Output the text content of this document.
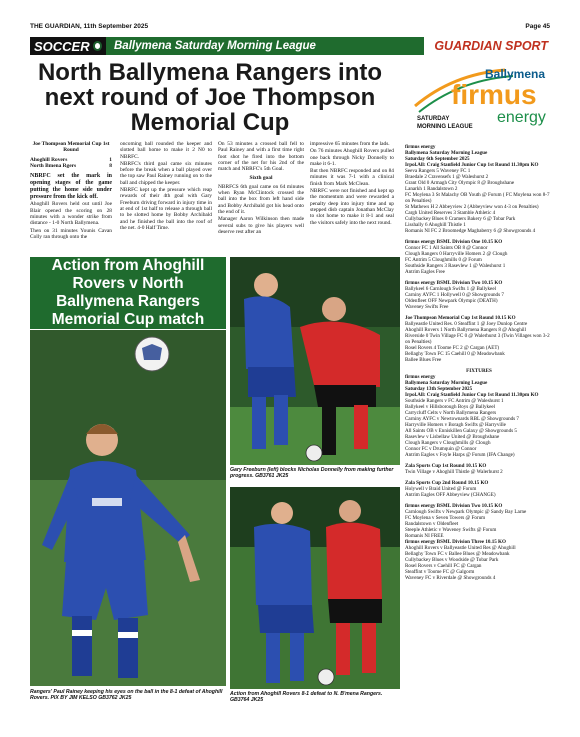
THE GUARDIAN, 11th September 2025	Page 45
SOCCER	Ballymena Saturday Morning League	GUARDIAN SPORT
North Ballymena Rangers into next round of Joe Thompson Memorial Cup

Joe Thompson Memorial Cup 1st Round

Ahoghill Rovers	1
North Bmena Rgers	8

NBRFC set the mark in opening stages of the game putting the home side under pressure from the kick off.

Ahoghill Rovers held out until Joe Blair opened the scoring on 28 minutes with a wonder strike from distance - 1-0 North Ballymena.

Then on 31 minutes Younis Cavan Colly ran through onto the

oncoming ball rounded the keeper and slotted ball home to make it 2 N0 to NBRFC.

NBRFC's third goal came six minutes before the break when a ball played over the top saw Paul Rainey running on to the ball and chipped the keeper.

NBRFC kept up the pressure which reap rewards of their 4th goal with Gary Freeburn driving forward in injury time in at end of 1st half to release a through ball to be slotted home by Bobby Archibald and he finished the ball into the roof of the net. 4-0 Half Time.

On 53 minutes a crossed ball fell to Paul Rainey and with a first time right foot shot he fired into the bottom corner of the net for his 2nd of the match and NBRFC's 5th Goal.

Sixth goal

NBRFCS 6th goal came on 64 minutes when Ryan McClintock crossed the ball into the box from left hand side and Bobby Archibald got his head onto the end of it.

Manager Aaron Wilkinson then made several subs to give his players well deserve rest after an

impressive 65 minutes from the lads.

On 76 minutes Ahoghill Rovers pulled one back through Nicky Donnelly to make it 6-1.

But then NBRFC responded and on 84 minutes it was 7-1 with a clinical finish from Mark McClean.

NBRFC were not finished and kept up the momentum and were rewarded a penalty deep into injury time and up stepped disb captain Jonathan McClay to slot home to make it 8-1 and seal the visitors safely into the next round.

Action from Ahoghill Rovers v North Ballymena Rangers Memorial Cup match
Rangers' Paul Rainey keeping his eyes on the ball in the 8-1 defeat of Ahoghill Rovers. PIX BY JIM KELSO GB3762 JK25
Gary Freeburn (left) blocks Nicholas Donnelly from making further progress. GB3761 JK25
Action from Ahoghill Rovers 8-1 defeat to N. B'mena Rangers. GB3764 JK25
Ballymena
firmus
energy
SATURDAY
MORNING LEAGUE

firmus energy

Ballymena Saturday Morning League

Saturday 6th September 2025

Irpol.All: Craig Stanfield Junior Cup 1st Round 11.30pm KO

Seeva Rangers 5 Waveney FC 1

Braedale 2 Cravensefs 1 @ Waleshurst 2

Grant Old 0 Armagh City Olympic 8 @ Broughshane

Lanarkh 1 Randalstown 2

FC Moylena 3 St Malachy OB Youth @ Forum ( FC Moylena won 8-7 on Penalties)

St Mathews H 2 Abbeyview 2 (Abbeyview won 4-3 on Penalties)

Cargh United Reserves 3 Stamble Athletic 4

Cullybackey Blues 0 Cramers Bakery 6 @ Tobar Park

Lisshally 6 Ahoghill Thistle 1

Romanis NI FC 2 Broomedge Magbaberry 6 @ Showgrounds 4

firmus energy BSML Division One 10.15 KO

Connor FC 1 All Saints OB 8 @ Connor

Clough Rangers 0 Harryville Homers 2 @ Clough

FC Antrim 5 Cloughmills 0 @ Forum

Southside Rangers 3 Rasevlew 1 @ Waleshurst 1

Antrim Eagles Free

firmus energy BSML Division Two 10.15 KO

Ballykeel 6 Carnlough Swifts 1 @ Ballykeel

Carniny AYFC 1 Hollywell 0 @ Showgrounds 7

Oldenfleet OFF Newpark Olympic (DEATH)

Waveney Swifts Free

Joe Thompson Memorial Cup 1st Round 10.15 KO

Ballyeastle United Res. 0 Steaffint 1 @ Joey Dunlop Centre

Ahoghill Rovers 1 North Ballymena Rangers 8 @ Ahoghill

Riverside 0 Twin Village FC 0 @ Walerhurst 3 (Twin Villages won 3-2 on Penalties)

Rosel Rovers 4 Toome FC 2 @ Cargan (AET)

Bellaghy Town FC 15 Caehill 0 @ Meadowbank

Ballee Blues Free

FIXTURES

firmus energy

Ballymena Saturday Morning League

Saturday 13th September 2025

Irpol.All: Craig Stanfield Junior Cup 1st Round 11.30pm KO

Southside Rangers v FC Antrim @ Waleshurst 1

Ballykeel v Hillsborough Boys @ Ballykeel

Carrycluff Celts v North Ballymena Rangers

Carniny AYFC v Newtownards RBL @ Showgrounds 7

Harryville Homers v Boragh Swifts @ Harryville

All Saints OB v Enniskillen Galaxy @ Showgrounds 5

Rasevlew v Lisbellaw United @ Broughshane

Clough Rangers v Cloughmills @ Clough

Connor FC v Drumquin @ Connor

Antrim Eagles v Foyle Harps @ Forum (IFA Change)

Zala Sports Cup 1st Round 10.15 KO

Twin Village v Ahoghill Thistle @ Walerhurst 2

Zala Sports Cup 2nd Round 10.15 KO

Holywell v Braid United @ Forum

Antrim Eagles OFF Abbeyview (CHANGE)

firmus energy BSML Division Two 10.15 KO

Carnlough Swifts v Newpark Olympic @ Sandy Bay Larne

FC Moylena v Seven Towers @ Forum

Randalstown v Oldenfleet

Steeple Athletic v Waveney Swifts @ Forum

Romanis NI FREE

firmus energy BSML Division Three 10.15 KO

Ahoghill Rovers v Ballyeastle United Res @ Ahoghill

Bellaghy Town FC v Ballee Blues @ Meadowbank

Cullybackey Blues v Woodside @ Tobar Park

Rosel Rovers v Caehill FC @ Cargan

Steaffint v Toome FC @ Galgorm

Waveney FC v Riverdale @ Showgrounds 4
